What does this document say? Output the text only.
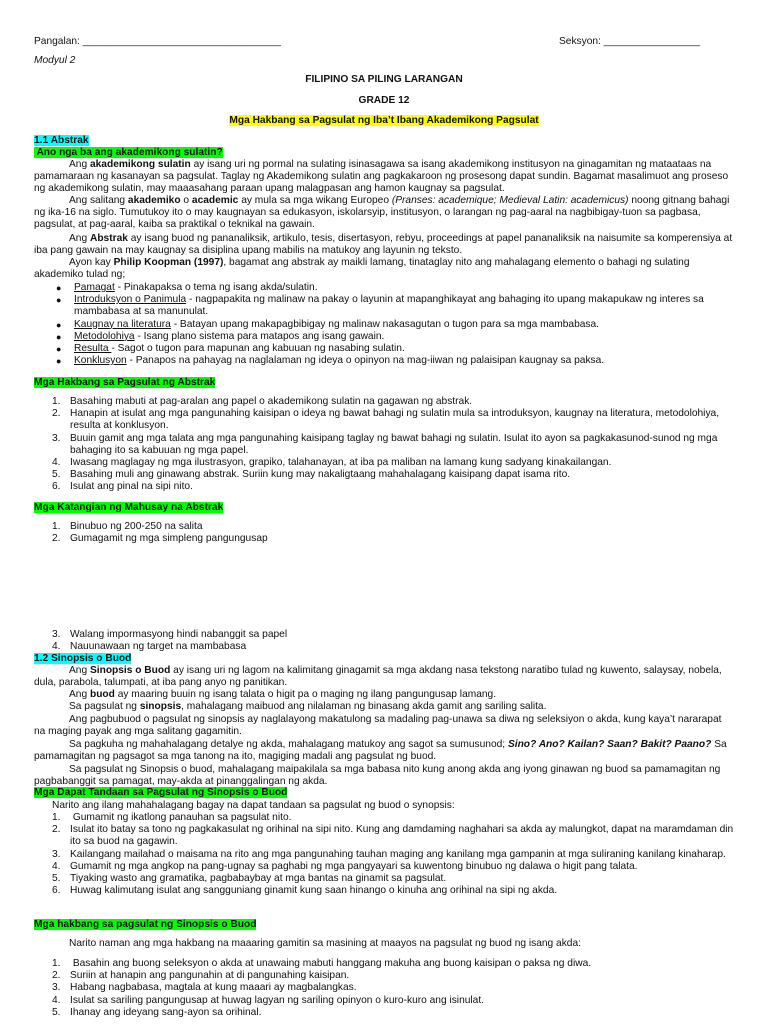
Pangalan: ___________________________________	Seksyon: _________________
Modyul 2
FILIPINO SA PILING LARANGAN
GRADE 12
Mga Hakbang sa Pagsulat ng Iba’t Ibang Akademikong Pagsulat
1.1 Abstrak
Ano nga ba ang akademikong sulatin?
Ang akademikong sulatin ay isang uri ng pormal na sulating isinasagawa sa isang akademikong institusyon na ginagamitan ng mataataas na pamamaraan ng kasanayan sa pagsulat. Taglay ng Akademikong sulatin ang pagkakaroon ng prosesong dapat sundin. Bagamat masalimuot ang proseso ng akademikong sulatin, may maaasahang paraan upang malagpasan ang hamon kaugnay sa pagsulat.
Ang salitang akademiko o academic ay mula sa mga wikang Europeo (Pranses: academique; Medieval Latin: academicus) noong gitnang bahagi ng ika-16 na siglo. Tumutukoy ito o may kaugnayan sa edukasyon, iskolarsyip, institusyon, o larangan ng pag-aaral na nagbibigay-tuon sa pagbasa, pagsulat, at pag-aaral, kaiba sa praktikal o teknikal na gawain.
Ang Abstrak ay isang buod ng pananaliksik, artikulo, tesis, disertasyon, rebyu, proceedings at papel pananaliksik na naisumite sa komperensiya at iba pang gawain na may kaugnay sa disiplina upang mabilis na matukoy ang layunin ng teksto.
Ayon kay Philip Koopman (1997), bagamat ang abstrak ay maikli lamang, tinataglay nito ang mahalagang elemento o bahagi ng sulating akademiko tulad ng;
● Pamagat - Pinakapaksa o tema ng isang akda/sulatin.
● Introduksyon o Panimula - nagpapakita ng malinaw na pakay o layunin at mapanghikayat ang bahaging ito upang makapukaw ng interes sa mambabasa at sa manunulat.
● Kaugnay na literatura - Batayan upang makapagbibigay ng malinaw nakasagutan o tugon para sa mga mambabasa.
● Metodolohiya - Isang plano sistema para matapos ang isang gawain.
● Resulta - Sagot o tugon para mapunan ang kabuuan ng nasabing sulatin.
● Konklusyon - Panapos na pahayag na naglalaman ng ideya o opinyon na mag-iiwan ng palaisipan kaugnay sa paksa.
Mga Hakbang sa Pagsulat ng Abstrak
1. Basahing mabuti at pag-aralan ang papel o akademikong sulatin na gagawan ng abstrak.
2. Hanapin at isulat ang mga pangunahing kaisipan o ideya ng bawat bahagi ng sulatin mula sa introduksyon, kaugnay na literatura, metodolohiya, resulta at konklusyon.
3. Buuin gamit ang mga talata ang mga pangunahing kaisipang taglay ng bawat bahagi ng sulatin. Isulat ito ayon sa pagkakasunod-sunod ng mga bahaging ito sa kabuuan ng mga papel.
4. Iwasang maglagay ng mga ilustrasyon, grapiko, talahanayan, at iba pa maliban na lamang kung sadyang kinakailangan.
5. Basahing muli ang ginawang abstrak. Suriin kung may nakaligtaang mahahalagang kaisipang dapat isama rito.
6. Isulat ang pinal na sipi nito.
Mga Katangian ng Mahusay na Abstrak
1. Binubuo ng 200-250 na salita
2. Gumagamit ng mga simpleng pangungusap
3. Walang impormasyong hindi nabanggit sa papel
4. Nauunawaan ng target na mambabasa
1.2 Sinopsis o Buod
Ang Sinopsis o Buod ay isang uri ng lagom na kalimitang ginagamit sa mga akdang nasa tekstong naratibo tulad ng kuwento, salaysay, nobela, dula, parabola, talumpati, at iba pang anyo ng panitikan.
Ang buod ay maaring buuin ng isang talata o higit pa o maging ng ilang pangungusap lamang.
Sa pagsulat ng sinopsis, mahalagang maibuod ang nilalaman ng binasang akda gamit ang sariling salita.
Ang pagbubuod o pagsulat ng sinopsis ay naglalayong makatulong sa madaling pag-unawa sa diwa ng seleksiyon o akda, kung kaya’t nararapat na maging payak ang mga salitang gagamitin.
Sa pagkuha ng mahahalagang detalye ng akda, mahalagang matukoy ang sagot sa sumusunod; Sino? Ano? Kailan? Saan? Bakit? Paano? Sa pamamagitan ng pagsagot sa mga tanong na ito, magiging madali ang pagsulat ng buod.
Sa pagsulat ng Sinopsis o buod, mahalagang maipakilala sa mga babasa nito kung anong akda ang iyong ginawan ng buod sa pamamagitan ng pagbabanggit sa pamagat, may-akda at pinanggalingan ng akda.
Mga Dapat Tandaan sa Pagsulat ng Sinopsis o Buod
Narito ang ilang mahahalagang bagay na dapat tandaan sa pagsulat ng buod o synopsis:
1. Gumamit ng ikatlong panauhan sa pagsulat nito.
2. Isulat ito batay sa tono ng pagkakasulat ng orihinal na sipi nito. Kung ang damdaming naghahari sa akda ay malungkot, dapat na maramdaman din ito sa buod na gagawin.
3. Kailangang mailahad o maisama na rito ang mga pangunahing tauhan maging ang kanilang mga gampanin at mga suliraning kanilang kinaharap.
4. Gumamit ng mga angkop na pang-ugnay sa paghabi ng mga pangyayari sa kuwentong binubuo ng dalawa o higit pang talata.
5. Tiyaking wasto ang gramatika, pagbabaybay at mga bantas na ginamit sa pagsulat.
6. Huwag kalimutang isulat ang sangguniang ginamit kung saan hinango o kinuha ang orihinal na sipi ng akda.
Mga hakbang sa pagsulat ng Sinopsis o Buod
Narito naman ang mga hakbang na maaaring gamitin sa masining at maayos na pagsulat ng buod ng isang akda:
1. Basahin ang buong seleksyon o akda at unawaing mabuti hanggang makuha ang buong kaisipan o paksa ng diwa.
2. Suriin at hanapin ang pangunahin at di pangunahing kaisipan.
3. Habang nagbabasa, magtala at kung maaari ay magbalangkas.
4. Isulat sa sariling pangungusap at huwag lagyan ng sariling opinyon o kuro-kuro ang isinulat.
5. Ihanay ang ideyang sang-ayon sa orihinal.
